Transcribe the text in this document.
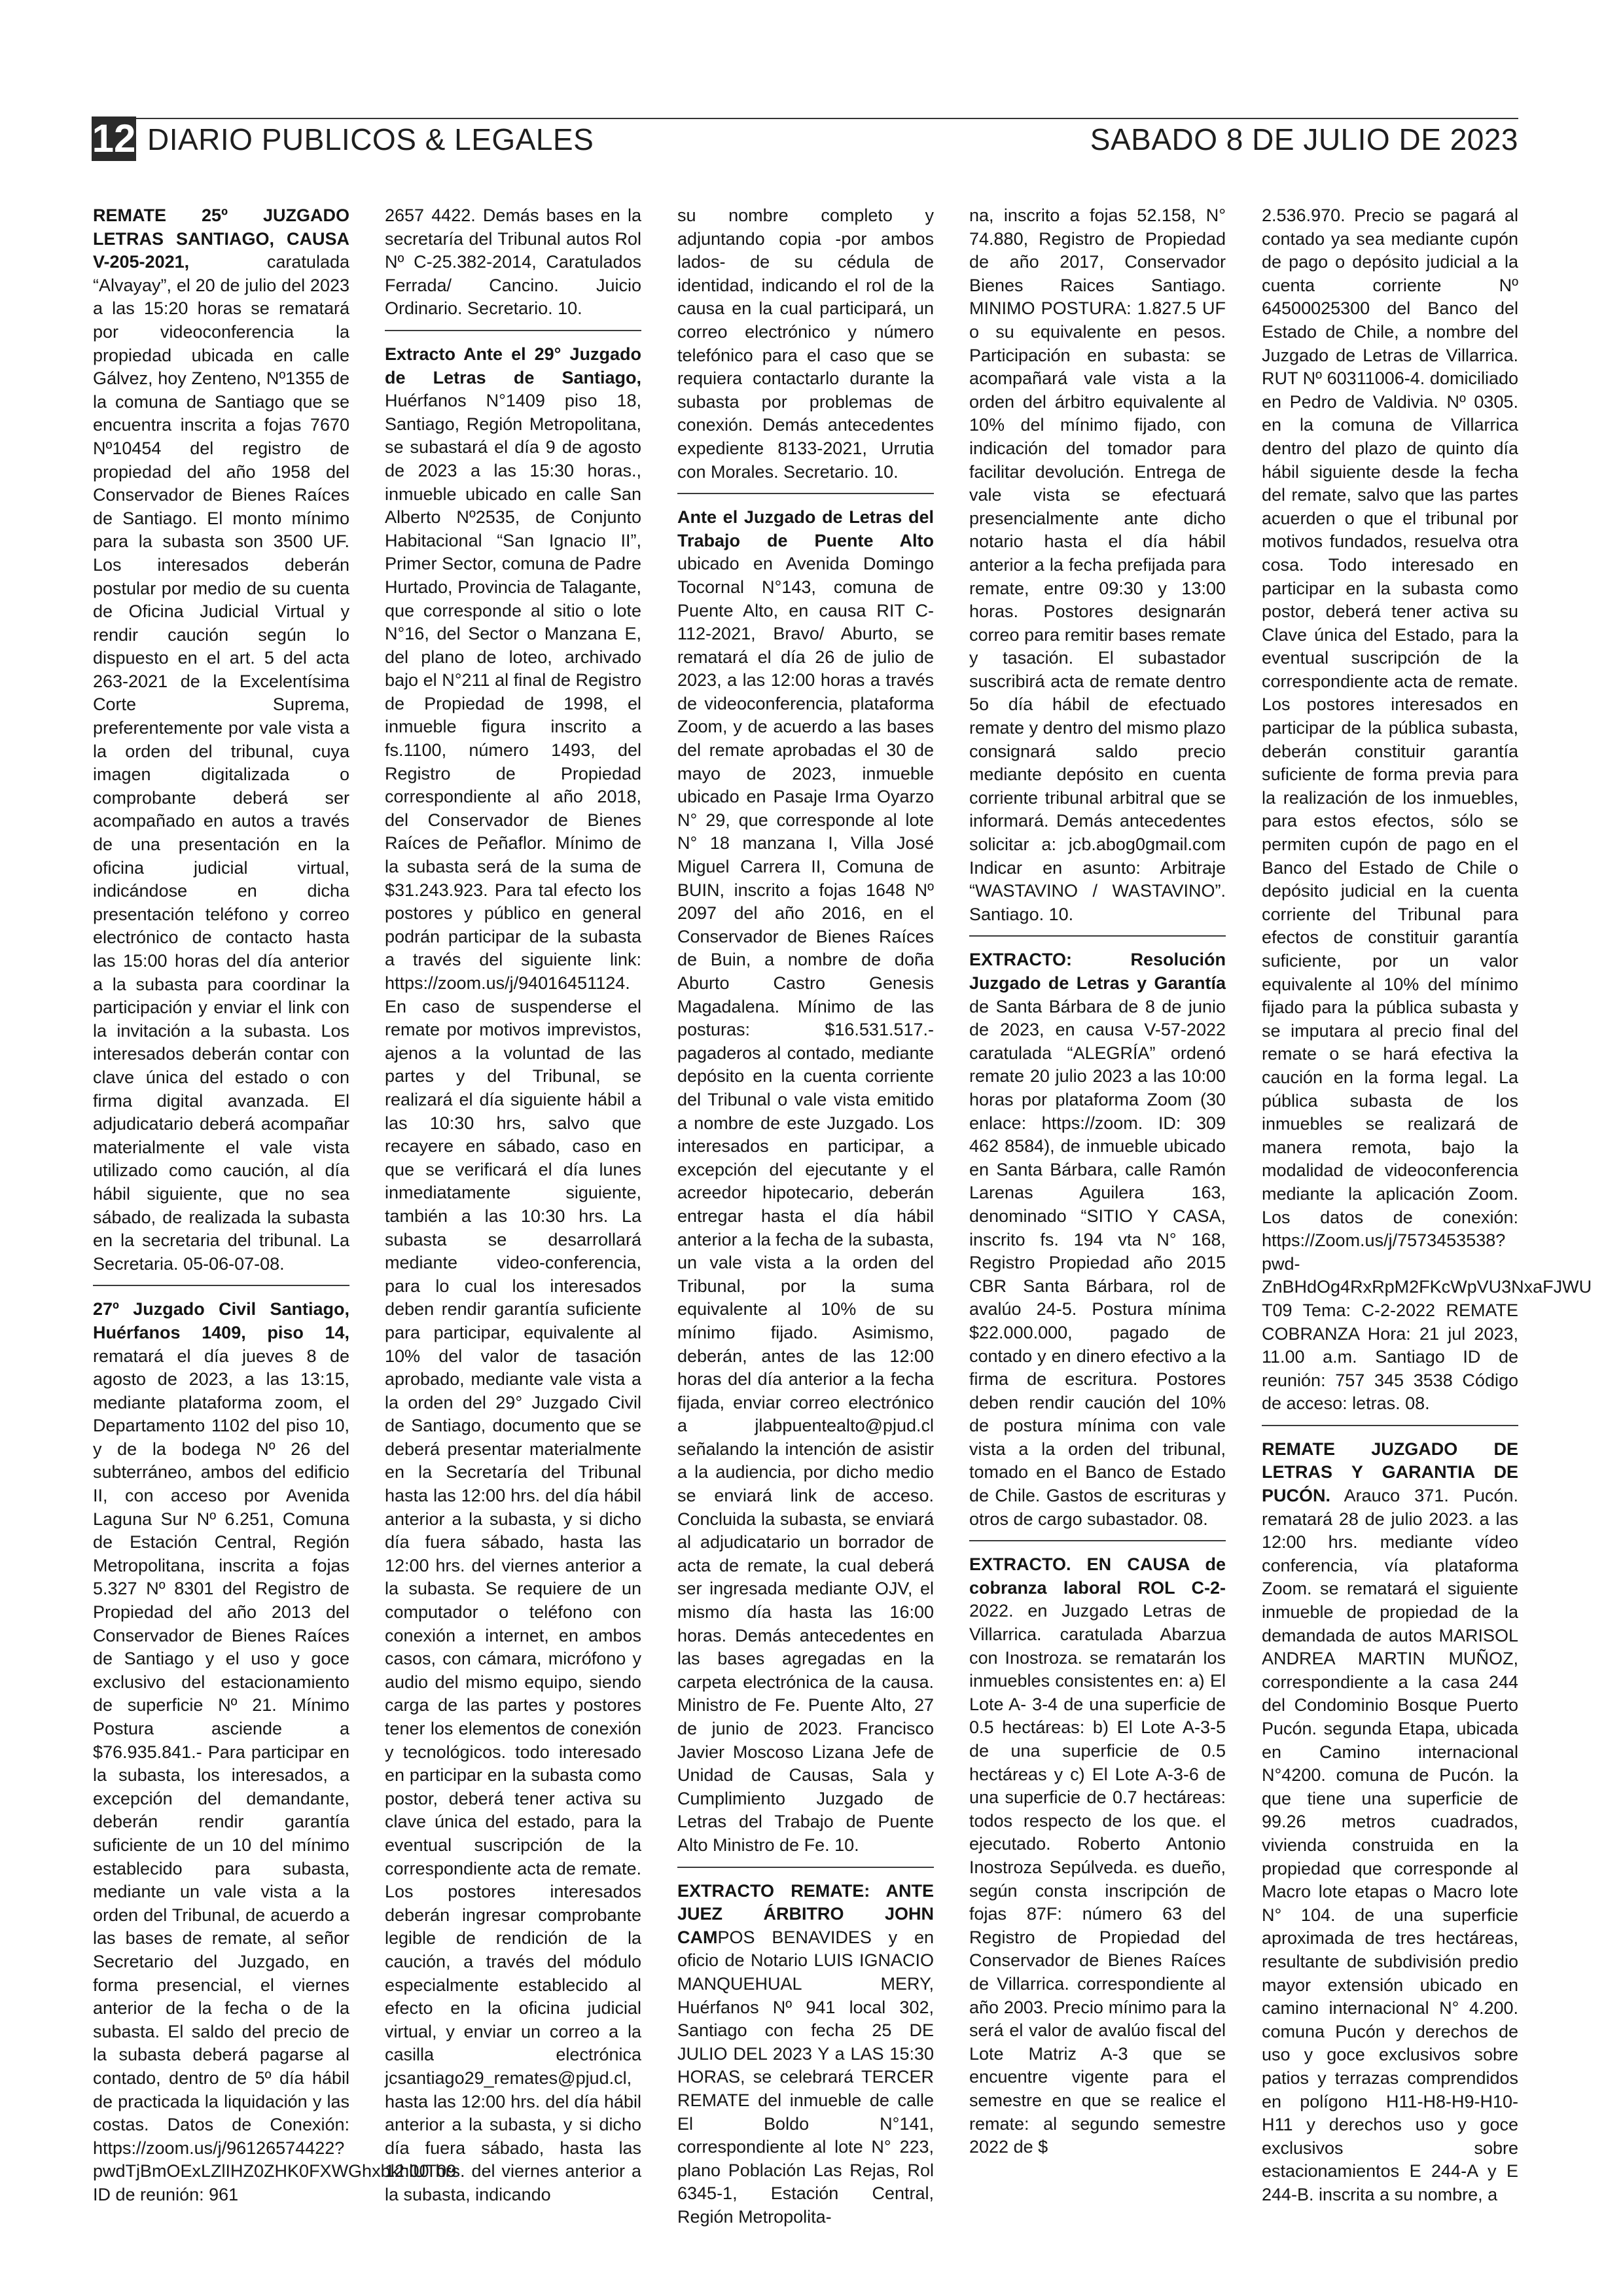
12 DIARIO PUBLICOS & LEGALES	SABADO 8 DE JULIO DE 2023

REMATE 25º JUZGADO LETRAS SANTIAGO, CAUSA V-205-2021,	caratulada “Alvayay”, el 20 de julio del 2023 a las 15:20 horas se rematará por videoconferencia la propiedad ubicada en calle Gálvez, hoy Zenteno, Nº1355 de la comuna de Santiago que se encuentra inscrita a fojas 7670 Nº10454 del registro de propiedad del año 1958 del Conservador de Bienes Raíces de Santiago. El monto mínimo para la subasta son 3500 UF. Los interesados deberán postular por medio de su cuenta de Oficina Judicial Virtual y rendir caución según lo dispuesto en el art. 5 del acta 263-2021 de la Excelentísima Corte Suprema, preferentemente por vale vista a la orden del tribunal, cuya imagen digitalizada o comprobante deberá ser acompañado en autos a través de una presentación en la oficina judicial virtual, indicándose en dicha presentación teléfono y correo electrónico de contacto hasta las 15:00 horas del día anterior a la subasta para coordinar la participación y enviar el link con la invitación a la subasta. Los interesados deberán contar con clave única del estado o con firma digital avanzada. El adjudicatario deberá acompañar materialmente el vale vista utilizado como caución, al día hábil siguiente, que no sea sábado, de realizada la subasta en la secretaria del tribunal. La Secretaria. 05-06-07-08.

27º Juzgado Civil Santiago, Huérfanos 1409, piso 14, rematará el día jueves 8 de agosto de 2023, a las 13:15, mediante plataforma zoom, el Departamento 1102 del piso 10, y de la bodega Nº 26 del subterráneo, ambos del edificio II, con acceso por Avenida Laguna Sur Nº 6.251, Comuna de Estación Central, Región Metropolitana, inscrita a fojas 5.327 Nº 8301 del Registro de Propiedad del año 2013 del Conservador de Bienes Raíces de Santiago y el uso y goce exclusivo del estacionamiento de superficie Nº 21. Mínimo Postura asciende a $76.935.841.- Para participar en la subasta, los interesados, a excepción del demandante, deberán rendir garantía suficiente de un 10 del mínimo establecido para subasta, mediante un vale vista a la orden del Tribunal, de acuerdo a las bases de remate, al señor Secretario del Juzgado, en forma presencial, el viernes anterior de la fecha o de la subasta. El saldo del precio de la subasta deberá pagarse al contado, dentro de 5º día hábil de practicada la liquidación y las costas. Datos de Conexión: https://zoom.us/j/96126574422?pwdTjBmOExLZlIHZ0ZHK0FXWGhxbkhlUT09 ID de reunión: 961

2657 4422. Demás bases en la secretaría del Tribunal autos Rol Nº C-25.382-2014, Caratulados Ferrada/ Cancino. Juicio Ordinario. Secretario. 10.

Extracto Ante el 29° Juzgado de Letras de Santiago, Huérfanos N°1409 piso 18, Santiago, Región Metropolitana, se subastará el día 9 de agosto de 2023 a las 15:30 horas., inmueble ubicado en calle San Alberto Nº2535, de Conjunto Habitacional “San Ignacio II”, Primer Sector, comuna de Padre Hurtado, Provincia de Talagante, que corresponde al sitio o lote N°16, del Sector o Manzana E, del plano de loteo, archivado bajo el N°211 al final de Registro de Propiedad de 1998, el inmueble figura inscrito a fs.1100, número 1493, del Registro de Propiedad correspondiente al año 2018, del Conservador de Bienes Raíces de Peñaflor. Mínimo de la subasta será de la suma de $31.243.923. Para tal efecto los postores y público en general podrán participar de la subasta a través del siguiente link: https://zoom.us/j/94016451124. En caso de suspenderse el remate por motivos imprevistos, ajenos a la voluntad de las partes y del Tribunal, se realizará el día siguiente hábil a las 10:30 hrs, salvo que recayere en sábado, caso en que se verificará el día lunes inmediatamente siguiente, también a las 10:30 hrs. La subasta se desarrollará mediante video-conferencia, para lo cual los interesados deben rendir garantía suficiente para participar, equivalente al 10% del valor de tasación aprobado, mediante vale vista a la orden del 29° Juzgado Civil de Santiago, documento que se deberá presentar materialmente en la Secretaría del Tribunal hasta las 12:00 hrs. del día hábil anterior a la subasta, y si dicho día fuera sábado, hasta las 12:00 hrs. del viernes anterior a la subasta. Se requiere de un computador o teléfono con conexión a internet, en ambos casos, con cámara, micrófono y audio del mismo equipo, siendo carga de las partes y postores tener los elementos de conexión y tecnológicos. todo interesado en participar en la subasta como postor, deberá tener activa su clave única del estado, para la eventual suscripción de la correspondiente acta de remate. Los postores interesados deberán ingresar comprobante legible de rendición de la caución, a través del módulo especialmente establecido al efecto en la oficina judicial virtual, y enviar un correo a la casilla electrónica jcsantiago29_remates@pjud.cl, hasta las 12:00 hrs. del día hábil anterior a la subasta, y si dicho día fuera sábado, hasta las 12:00 hrs. del viernes anterior a la subasta, indicando

su nombre completo y adjuntando copia -por ambos lados- de su cédula de identidad, indicando el rol de la causa en la cual participará, un correo electrónico y número telefónico para el caso que se requiera contactarlo durante la subasta por problemas de conexión. Demás antecedentes expediente 8133-2021, Urrutia con Morales. Secretario. 10.

Ante el Juzgado de Letras del Trabajo de Puente Alto ubicado en Avenida Domingo Tocornal N°143, comuna de Puente Alto, en causa RIT C-112-2021, Bravo/ Aburto, se rematará el día 26 de julio de 2023, a las 12:00 horas a través de videoconferencia, plataforma Zoom, y de acuerdo a las bases del remate aprobadas el 30 de mayo de 2023, inmueble ubicado en Pasaje Irma Oyarzo N° 29, que corresponde al lote N° 18 manzana I, Villa José Miguel Carrera II, Comuna de BUIN, inscrito a fojas 1648 Nº 2097 del año 2016, en el Conservador de Bienes Raíces de Buin, a nombre de doña Aburto Castro Genesis Magadalena. Mínimo de las posturas: $16.531.517.- pagaderos al contado, mediante depósito en la cuenta corriente del Tribunal o vale vista emitido a nombre de este Juzgado. Los interesados en participar, a excepción del ejecutante y el acreedor hipotecario, deberán entregar hasta el día hábil anterior a la fecha de la subasta, un vale vista a la orden del Tribunal, por la suma equivalente al 10% de su mínimo fijado. Asimismo, deberán, antes de las 12:00 horas del día anterior a la fecha fijada, enviar correo electrónico a jlabpuentealto@pjud.cl señalando la intención de asistir a la audiencia, por dicho medio se enviará link de acceso. Concluida la subasta, se enviará al adjudicatario un borrador de acta de remate, la cual deberá ser ingresada mediante OJV, el mismo día hasta las 16:00 horas. Demás antecedentes en las bases agregadas en la carpeta electrónica de la causa. Ministro de Fe. Puente Alto, 27 de junio de 2023. Francisco Javier Moscoso Lizana Jefe de Unidad de Causas, Sala y Cumplimiento Juzgado de Letras del Trabajo de Puente Alto Ministro de Fe. 10.

EXTRACTO REMATE: ANTE JUEZ ÁRBITRO JOHN CAMPOS BENAVIDES y en oficio de Notario LUIS IGNACIO MANQUEHUAL MERY, Huérfanos Nº 941 local 302, Santiago con fecha 25 DE JULIO DEL 2023 Y a LAS 15:30 HORAS, se celebrará TERCER REMATE del inmueble de calle El Boldo N°141, correspondiente al lote N° 223, plano Población Las Rejas, Rol 6345-1, Estación Central, Región Metropolita-

na, inscrito a fojas 52.158, N° 74.880, Registro de Propiedad de año 2017, Conservador Bienes Raices Santiago. MINIMO POSTURA: 1.827.5 UF o su equivalente en pesos. Participación en subasta: se acompañará vale vista a la orden del árbitro equivalente al 10% del mínimo fijado, con indicación del tomador para facilitar devolución. Entrega de vale vista se efectuará presencialmente ante dicho notario hasta el día hábil anterior a la fecha prefijada para remate, entre 09:30 y 13:00 horas. Postores designarán correo para remitir bases remate y tasación. El subastador suscribirá acta de remate dentro 5o día hábil de efectuado remate y dentro del mismo plazo consignará saldo precio mediante depósito en cuenta corriente tribunal arbitral que se informará. Demás antecedentes solicitar a: jcb.abog0gmail.com Indicar en asunto: Arbitraje “WASTAVINO / WASTAVINO”. Santiago. 10.

EXTRACTO: Resolución Juzgado de Letras y Garantía de Santa Bárbara de 8 de junio de 2023, en causa V-57-2022 caratulada “ALEGRÍA” ordenó remate 20 julio 2023 a las 10:00 horas por plataforma Zoom (30 enlace: https://zoom. ID: 309 462 8584), de inmueble ubicado en Santa Bárbara, calle Ramón Larenas Aguilera 163, denominado “SITIO Y CASA, inscrito fs. 194 vta N° 168, Registro Propiedad año 2015 CBR Santa Bárbara, rol de avalúo 24-5. Postura mínima $22.000.000, pagado de contado y en dinero efectivo a la firma de escritura. Postores deben rendir caución del 10% de postura mínima con vale vista a la orden del tribunal, tomado en el Banco de Estado de Chile. Gastos de escrituras y otros de cargo subastador. 08.

EXTRACTO. EN CAUSA de cobranza laboral ROL C-2-2022. en Juzgado Letras de Villarrica. caratulada Abarzua con Inostroza. se rematarán los inmuebles consistentes en: a) El Lote A- 3-4 de una superficie de 0.5 hectáreas: b) El Lote A-3-5 de una superficie de 0.5 hectáreas y c) El Lote A-3-6 de una superficie de 0.7 hectáreas: todos respecto de los que. el ejecutado. Roberto Antonio Inostroza Sepúlveda. es dueño, según consta inscripción de fojas 87F: número 63 del Registro de Propiedad del Conservador de Bienes Raíces de Villarrica. correspondiente al año 2003. Precio mínimo para la será el valor de avalúo fiscal del Lote Matriz A-3 que se encuentre vigente para el semestre en que se realice el remate: al segundo semestre 2022 de $

2.536.970. Precio se pagará al contado ya sea mediante cupón de pago o depósito judicial a la cuenta corriente Nº 64500025300 del Banco del Estado de Chile, a nombre del Juzgado de Letras de Villarrica. RUT Nº 60311006-4. domiciliado en Pedro de Valdivia. Nº 0305. en la comuna de Villarrica dentro del plazo de quinto día hábil siguiente desde la fecha del remate, salvo que las partes acuerden o que el tribunal por motivos fundados, resuelva otra cosa. Todo interesado en participar en la subasta como postor, deberá tener activa su Clave única del Estado, para la eventual suscripción de la correspondiente acta de remate. Los postores interesados en participar de la pública subasta, deberán constituir garantía suficiente de forma previa para la realización de los inmuebles, para estos efectos, sólo se permiten cupón de pago en el Banco del Estado de Chile o depósito judicial en la cuenta corriente del Tribunal para efectos de constituir garantía suficiente, por un valor equivalente al 10% del mínimo fijado para la pública subasta y se imputara al precio final del remate o se hará efectiva la caución en la forma legal. La pública subasta de los inmuebles se realizará de manera remota, bajo la modalidad de videoconferencia mediante la aplicación Zoom. Los datos de conexión: https://Zoom.us/j/7573453538?pwd-ZnBHdOg4RxRpM2FKcWpVU3NxaFJWU T09 Tema: C-2-2022 REMATE COBRANZA Hora: 21 jul 2023, 11.00 a.m. Santiago ID de reunión: 757 345 3538 Código de acceso: letras. 08.

REMATE JUZGADO DE LETRAS Y GARANTIA DE PUCÓN. Arauco 371. Pucón. rematará 28 de julio 2023. a las 12:00 hrs. mediante vídeo conferencia, vía plataforma Zoom. se rematará el siguiente inmueble de propiedad de la demandada de autos MARISOL ANDREA MARTIN MUÑOZ, correspondiente a la casa 244 del Condominio Bosque Puerto Pucón. segunda Etapa, ubicada en Camino internacional N°4200. comuna de Pucón. la que tiene una superficie de 99.26 metros cuadrados, vivienda construida en la propiedad que corresponde al Macro lote etapas o Macro lote N° 104. de una superficie aproximada de tres hectáreas, resultante de subdivisión predio mayor extensión ubicado en camino internacional N° 4.200. comuna Pucón y derechos de uso y goce exclusivos sobre patios y terrazas comprendidos en polígono H11-H8-H9-H10-H11 y derechos uso y goce exclusivos sobre estacionamientos E 244-A y E 244-B. inscrita a su nombre, a
